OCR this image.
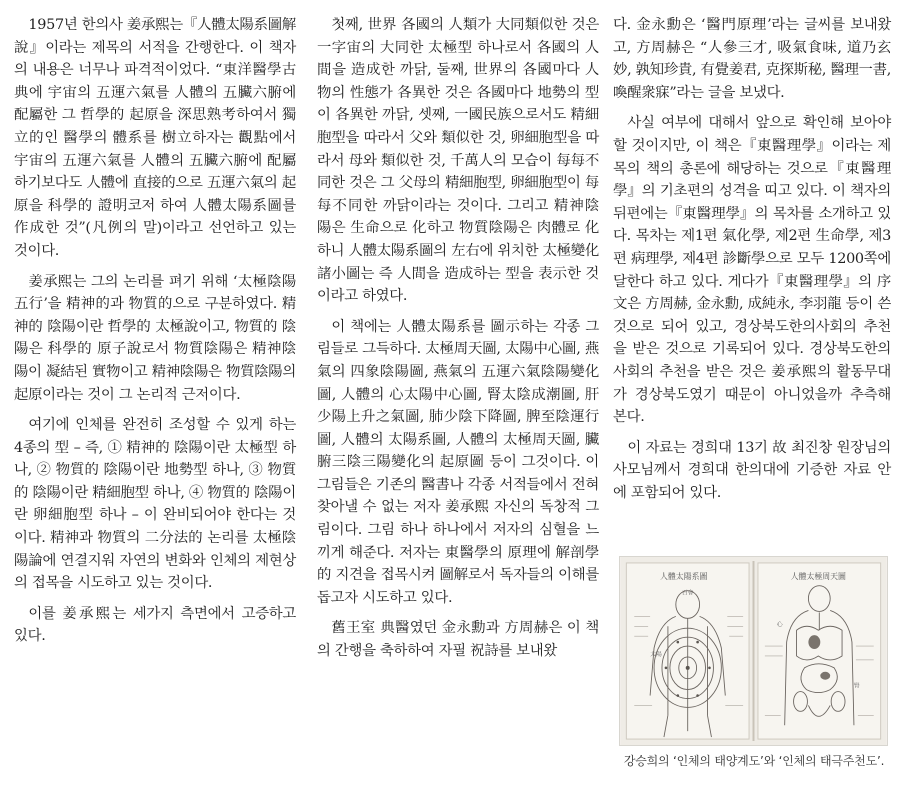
1957년 한의사 姜承熙는『人體太陽系圖解說』이라는 제목의 서적을 간행한다. 이 책자의 내용은 너무나 파격적이었다. “東洋醫學古典에 宇宙의 五運六氣를 人體의 五臟六腑에 配屬한 그 哲學的 起原을 深思熟考하여서 獨立的인 醫學의 體系를 樹立하자는 觀點에서 宇宙의 五運六氣를 人體의 五臟六腑에 配屬하기보다도 人體에 直接的으로 五運六氣의 起原을 科學的 證明코저 하여 人體太陽系圖를 作成한 것”(凡例의 말)이라고 선언하고 있는 것이다.

姜承熙는 그의 논리를 펴기 위해 ‘太極陰陽五行’을 精神的과 物質的으로 구분하였다. 精神的 陰陽이란 哲學的 太極說이고, 物質的 陰陽은 科學的 原子說로서 物質陰陽은 精神陰陽이 凝結된 實物이고 精神陰陽은 物質陰陽의 起原이라는 것이 그 논리적 근저이다.

여기에 인체를 완전히 조성할 수 있게 하는 4종의 型 – 즉, ① 精神的 陰陽이란 太極型 하나, ② 物質的 陰陽이란 地勢型 하나, ③ 物質的 陰陽이란 精細胞型 하나, ④ 物質的 陰陽이란 卵細胞型 하나 – 이 완비되어야 한다는 것이다. 精神과 物質의 二分法的 논리를 太極陰陽論에 연결지워 자연의 변화와 인체의 제현상의 접목을 시도하고 있는 것이다.

이를 姜承熙는 세가지 측면에서 고증하고 있다.

첫째, 世界 各國의 人類가 大同類似한 것은 一字宙의 大同한 太極型 하나로서 各國의 人間을 造成한 까닭, 둘째, 世界의 各國마다 人物의 性態가 各異한 것은 各國마다 地勢의 型이 各異한 까닭, 셋째, 一國民族으로서도 精細胞型을 따라서 父와 類似한 것, 卵細胞型을 따라서 母와 類似한 것, 千萬人의 모습이 每每不同한 것은 그 父母의 精細胞型, 卵細胞型이 每每不同한 까닭이라는 것이다. 그리고 精神陰陽은 生命으로 化하고 物質陰陽은 肉體로 化하니 人體太陽系圖의 左右에 위치한 太極變化諸小圖는 즉 人間을 造成하는 型을 表示한 것이라고 하였다.

이 책에는 人體太陽系를 圖示하는 각종 그림들로 그득하다. 太極周天圖, 太陽中心圖, 燕氣의 四象陰陽圖, 燕氣의 五運六氣陰陽變化圖, 人體의 心太陽中心圖, 腎太陰成潮圖, 肝少陽上升之氣圖, 肺少陰下降圖, 脾至陰運行圖, 人體의 太陽系圖, 人體의 太極周天圖, 臟腑三陰三陽變化의 起原圖 등이 그것이다. 이 그림들은 기존의 醫書나 각종 서적들에서 전혀 찾아낼 수 없는 저자 姜承熙 자신의 독창적 그림이다. 그림 하나 하나에서 저자의 심혈을 느끼게 해준다. 저자는 東醫學의 原理에 解剖學的 지견을 접목시켜 圖解로서 독자들의 이해를 돕고자 시도하고 있다.

舊王室 典醫였던 金永勳과 方周赫은 이 책의 간행을 축하하여 자필 祝詩를 보내왔

다. 金永勳은 ‘醫門原理’라는 글씨를 보내왔고, 方周赫은 “人參三才, 吸氣食味, 道乃玄妙, 孰知珍貴, 有覺姜君, 克探斯秘, 醫理一書, 喚醒衆寐”라는 글을 보냈다.

사실 여부에 대해서 앞으로 확인해 보아야 할 것이지만, 이 책은『東醫理學』이라는 제목의 책의 총론에 해당하는 것으로『東醫理學』의 기초편의 성격을 띠고 있다. 이 책자의 뒤편에는『東醫理學』의 목차를 소개하고 있다. 목차는 제1편 氣化學, 제2편 生命學, 제3편 病理學, 제4편 診斷學으로 모두 1200쪽에 달한다 하고 있다. 게다가『東醫理學』의 序文은 方周赫, 金永勳, 成純永, 李羽龍 등이 쓴 것으로 되어 있고, 경상북도한의사회의 추천을 받은 것으로 기록되어 있다. 경상북도한의사회의 추천을 받은 것은 姜承熙의 활동무대가 경상북도였기 때문이 아니었을까 추측해 본다.

이 자료는 경희대 13기 故 최진창 원장님의 사모님께서 경희대 한의대에 기증한 자료 안에 포함되어 있다.

人體太陽系圖
百會
太陽
人體太極周天圖
心
腎
강승희의 ‘인체의 태양계도’와 ‘인체의 태극주천도’.
